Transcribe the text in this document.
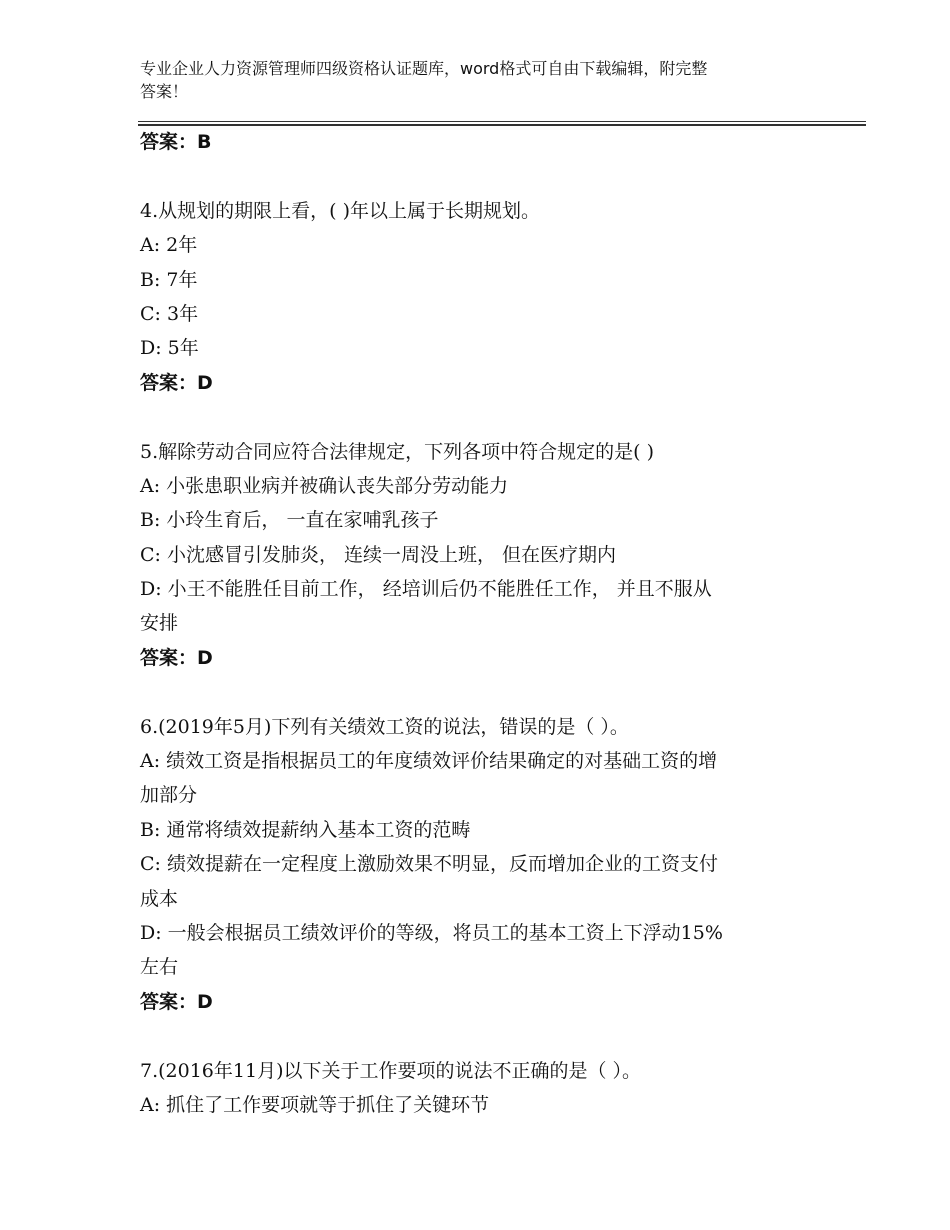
专业企业人力资源管理师四级资格认证题库，word格式可自由下载编辑，附完整
答案！
答案：B
4.从规划的期限上看，( )年以上属于长期规划。
A: 2年
B: 7年
C: 3年
D: 5年
答案：D
5.解除劳动合同应符合法律规定，下列各项中符合规定的是( )
A: 小张患职业病并被确认丧失部分劳动能力
B: 小玲生育后， 一直在家哺乳孩子
C: 小沈感冒引发肺炎， 连续一周没上班， 但在医疗期内
D: 小王不能胜任目前工作， 经培训后仍不能胜任工作， 并且不服从
安排
答案：D
6.(2019年5月)下列有关绩效工资的说法，错误的是（ ）。
A: 绩效工资是指根据员工的年度绩效评价结果确定的对基础工资的增
加部分
B: 通常将绩效提薪纳入基本工资的范畴
C: 绩效提薪在一定程度上激励效果不明显，反而增加企业的工资支付
成本
D: 一般会根据员工绩效评价的等级，将员工的基本工资上下浮动15%
左右
答案：D
7.(2016年11月)以下关于工作要项的说法不正确的是（ ）。
A: 抓住了工作要项就等于抓住了关键环节
